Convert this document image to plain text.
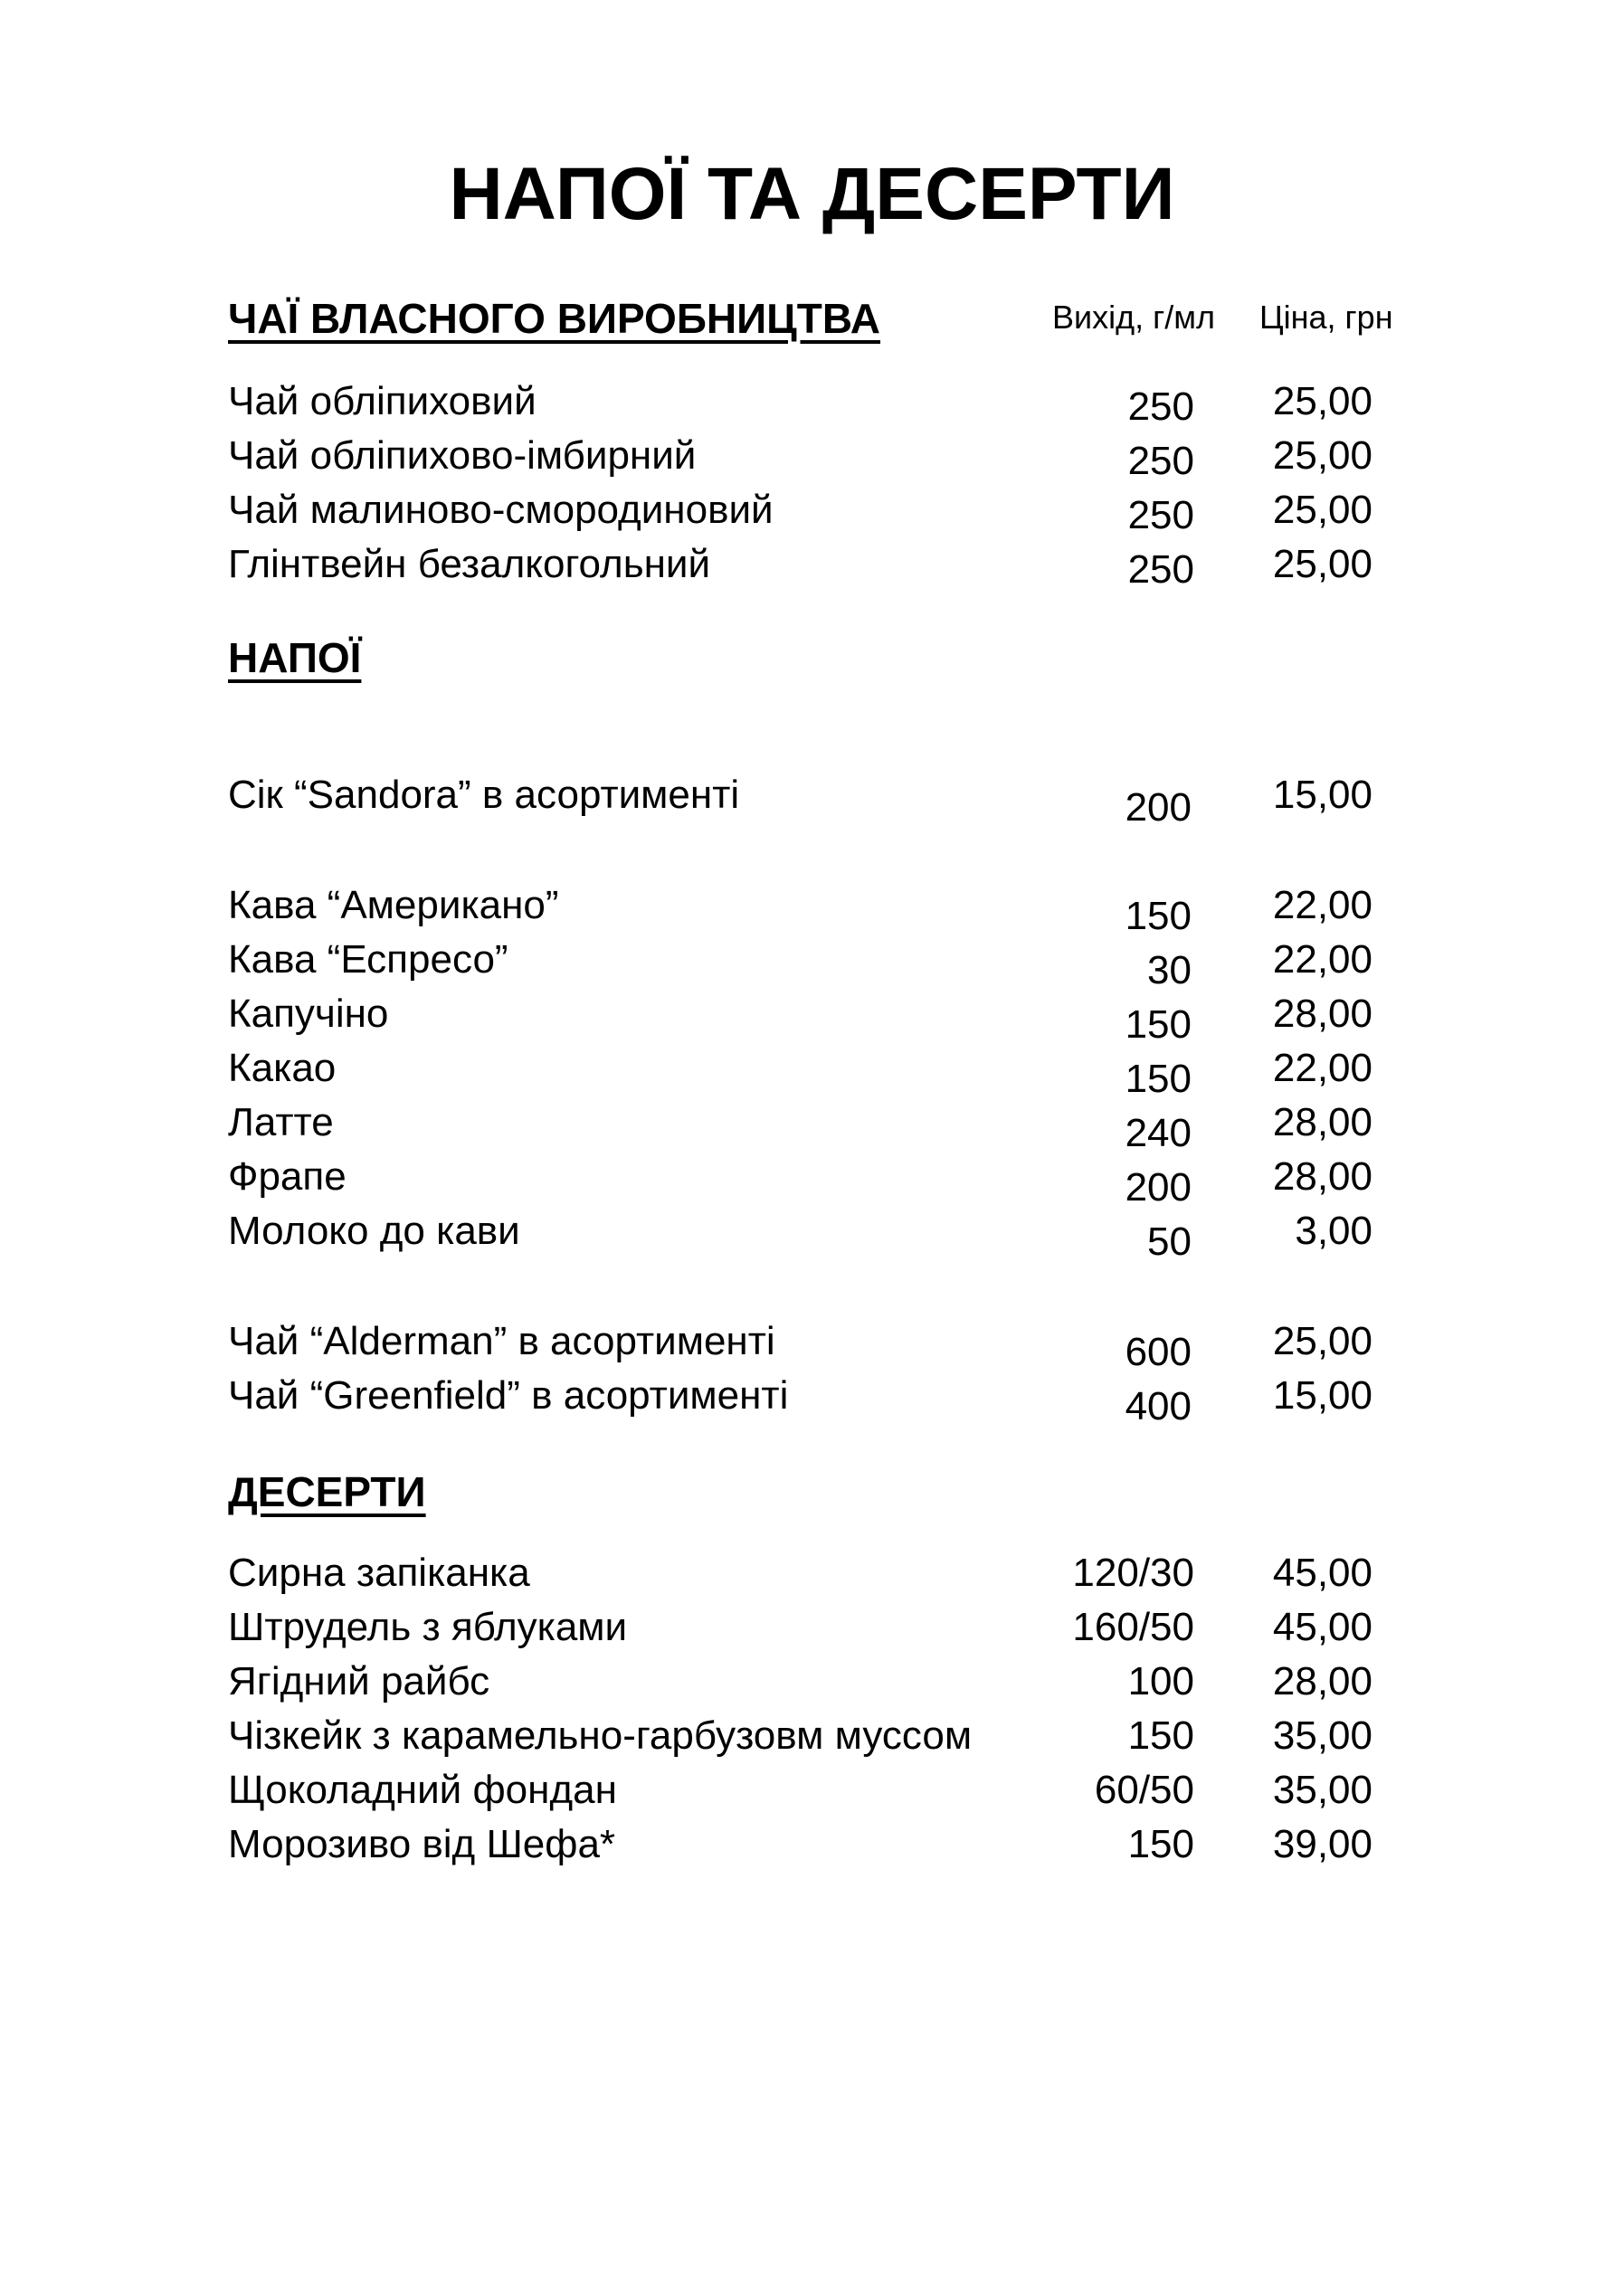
НАПОЇ ТА ДЕСЕРТИ
ЧАЇ ВЛАСНОГО ВИРОБНИЦТВА	Вихід, г/мл Ціна, грн
Чай обліпиховий	250 25,00
Чай обліпихово-імбирний	250 25,00
Чай малиново-смородиновий	250 25,00
Глінтвейн безалкогольний	250 25,00
НАПОЇ
Сік “Sandora” в асортименті	200 15,00
Кава “Американо”	150 22,00
Кава “Еспресо”	30 22,00
Капучіно	150 28,00
Какао	150 22,00
Латте	240 28,00
Фрапе	200 28,00
Молоко до кави	50	3,00
Чай “Alderman” в асортименті	600 25,00
Чай “Greenfield” в асортименті	400 15,00
ДЕСЕРТИ
Сирна запіканка	120/30 45,00
Штрудель з яблуками	160/50 45,00
Ягідний райбс	100 28,00
Чізкейк з карамельно-гарбузовм муссом	150 35,00
Щоколадний фондан	60/50 35,00
Морозиво від Шефа*	150 39,00
